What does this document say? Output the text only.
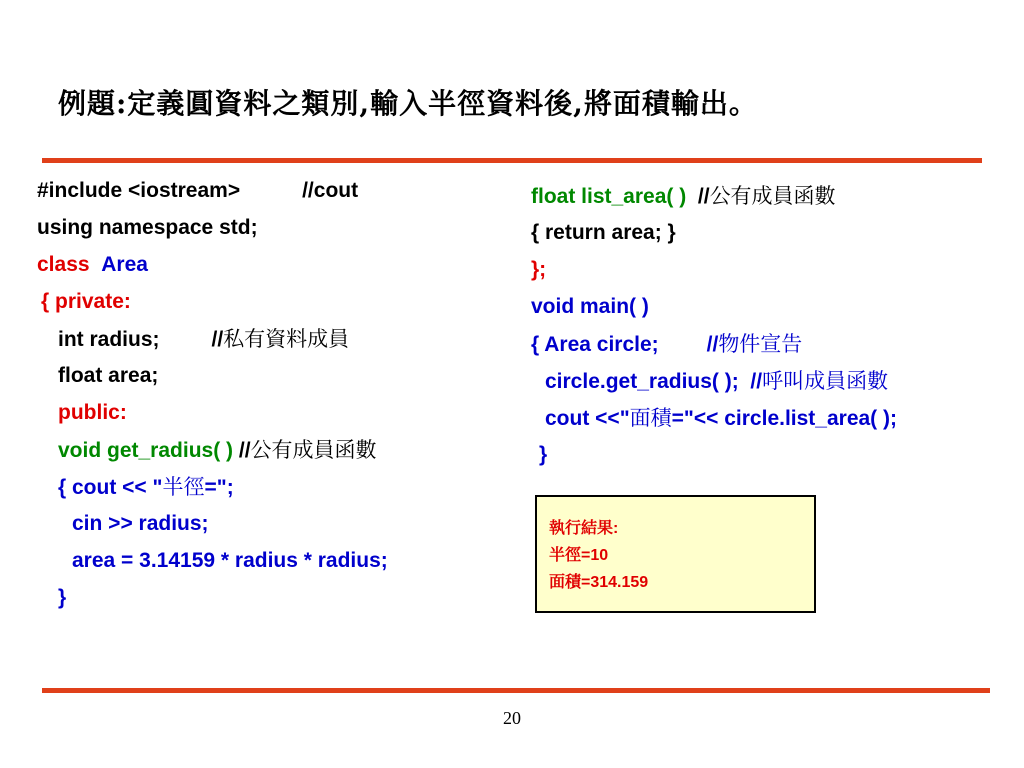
例題:定義圓資料之類別,輸入半徑資料後,將面積輸出。
#include <iostream>	//cout
using namespace std;
class Area
{ private:
int radius; //私有資料成員
float area;
public:
void get_radius( ) //公有成員函數
{ cout << "半徑=";
cin >> radius;
area = 3.14159 * radius * radius;
}
float list_area( ) //公有成員函數
{ return area; }
};
void main( )
{ Area circle; //物件宣告
circle.get_radius( ); //呼叫成員函數
cout <<"面積="<< circle.list_area( );
}
執行結果:
半徑=10
面積=314.159
20
